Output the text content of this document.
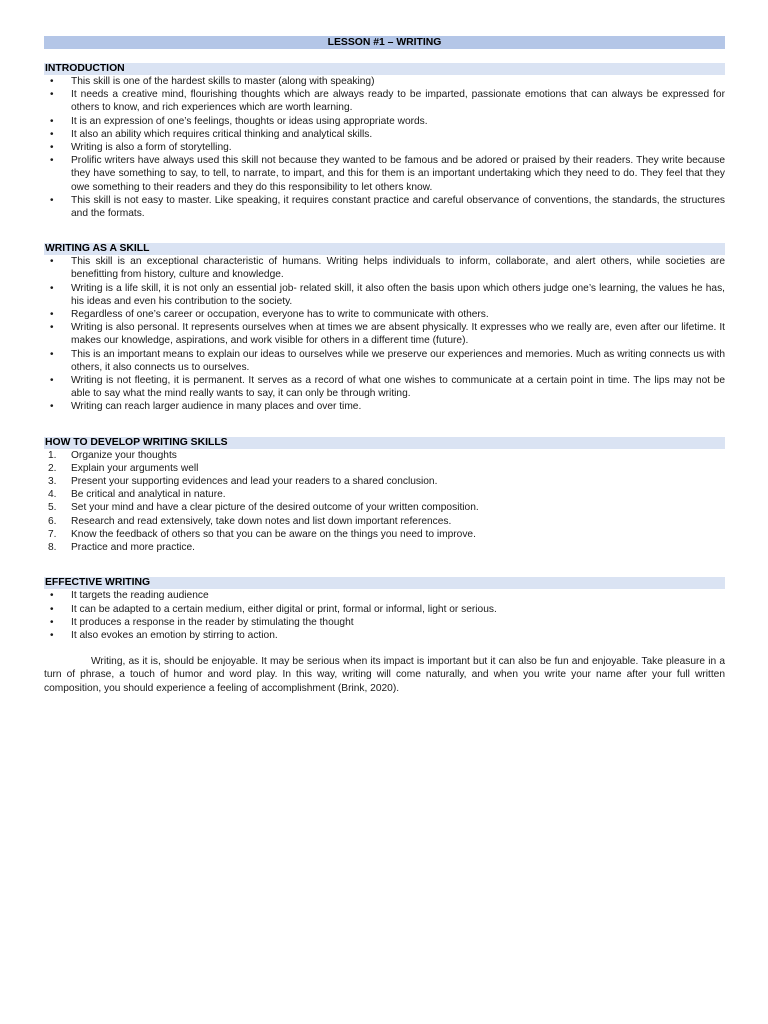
LESSON #1 – WRITING
INTRODUCTION
• This skill is one of the hardest skills to master (along with speaking)
• It needs a creative mind, flourishing thoughts which are always ready to be imparted, passionate emotions that can always be expressed for others to know, and rich experiences which are worth learning.
• It is an expression of one’s feelings, thoughts or ideas using appropriate words.
• It also an ability which requires critical thinking and analytical skills.
• Writing is also a form of storytelling.
• Prolific writers have always used this skill not because they wanted to be famous and be adored or praised by their readers. They write because they have something to say, to tell, to narrate, to impart, and this for them is an important undertaking which they need to do. They feel that they owe something to their readers and they do this responsibility to let others know.
• This skill is not easy to master. Like speaking, it requires constant practice and careful observance of conventions, the standards, the structures and the formats.
WRITING AS A SKILL
• This skill is an exceptional characteristic of humans. Writing helps individuals to inform, collaborate, and alert others, while societies are benefitting from history, culture and knowledge.
• Writing is a life skill, it is not only an essential job- related skill, it also often the basis upon which others judge one’s learning, the values he has, his ideas and even his contribution to the society.
• Regardless of one’s career or occupation, everyone has to write to communicate with others.
• Writing is also personal. It represents ourselves when at times we are absent physically. It expresses who we really are, even after our lifetime. It makes our knowledge, aspirations, and work visible for others in a different time (future).
• This is an important means to explain our ideas to ourselves while we preserve our experiences and memories. Much as writing connects us with others, it also connects us to ourselves.
• Writing is not fleeting, it is permanent. It serves as a record of what one wishes to communicate at a certain point in time. The lips may not be able to say what the mind really wants to say, it can only be through writing.
• Writing can reach larger audience in many places and over time.
HOW TO DEVELOP WRITING SKILLS
1. Organize your thoughts
2. Explain your arguments well
3. Present your supporting evidences and lead your readers to a shared conclusion.
4. Be critical and analytical in nature.
5. Set your mind and have a clear picture of the desired outcome of your written composition.
6. Research and read extensively, take down notes and list down important references.
7. Know the feedback of others so that you can be aware on the things you need to improve.
8. Practice and more practice.
EFFECTIVE WRITING
• It targets the reading audience
• It can be adapted to a certain medium, either digital or print, formal or informal, light or serious.
• It produces a response in the reader by stimulating the thought
• It also evokes an emotion by stirring to action.

Writing, as it is, should be enjoyable. It may be serious when its impact is important but it can also be fun and enjoyable. Take pleasure in a turn of phrase, a touch of humor and word play. In this way, writing will come naturally, and when you write your name after your full written composition, you should experience a feeling of accomplishment (Brink, 2020).
